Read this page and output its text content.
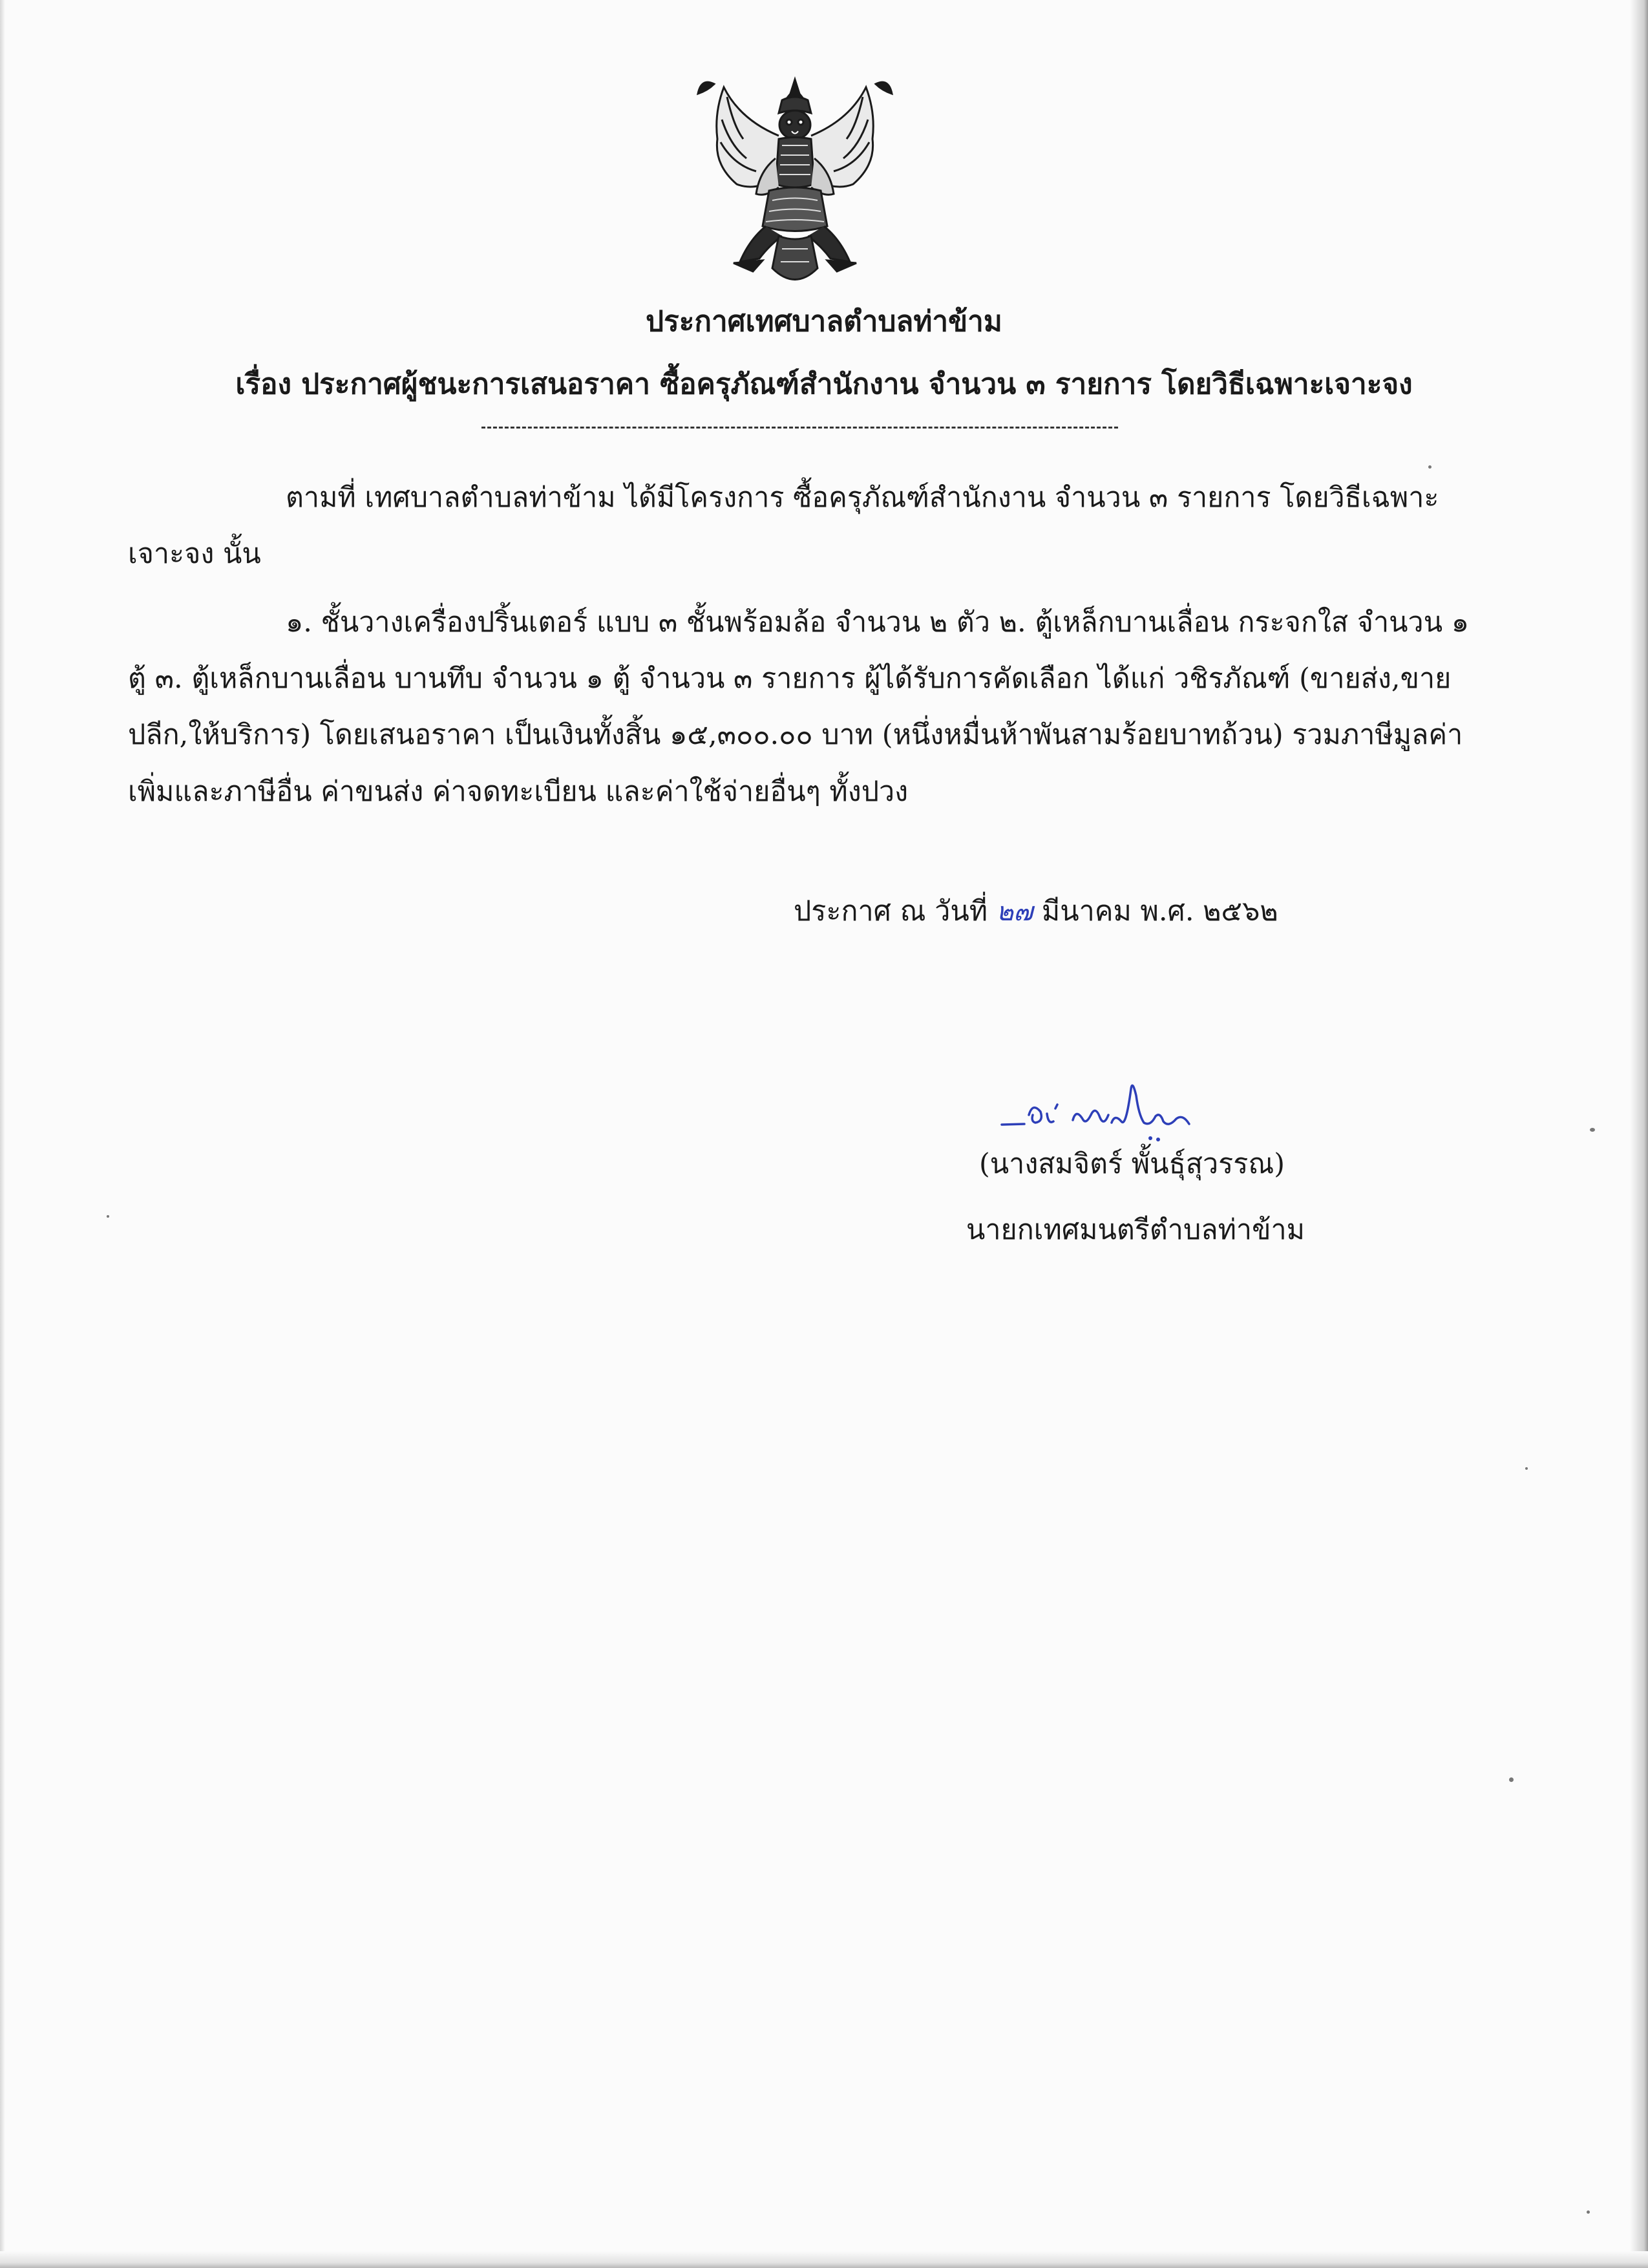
ประกาศเทศบาลตำบลท่าข้าม
เรื่อง ประกาศผู้ชนะการเสนอราคา ซื้อครุภัณฑ์สำนักงาน จำนวน ๓ รายการ โดยวิธีเฉพาะเจาะจง
ตามที่ เทศบาลตำบลท่าข้าม ได้มีโครงการ ซื้อครุภัณฑ์สำนักงาน จำนวน ๓ รายการ โดยวิธีเฉพาะ
เจาะจง นั้น
๑. ชั้นวางเครื่องปริ้นเตอร์ แบบ ๓ ชั้นพร้อมล้อ จำนวน ๒ ตัว ๒. ตู้เหล็กบานเลื่อน กระจกใส จำนวน ๑
ตู้ ๓. ตู้เหล็กบานเลื่อน บานทึบ จำนวน ๑ ตู้ จำนวน ๓ รายการ ผู้ได้รับการคัดเลือก ได้แก่ วชิรภัณฑ์ (ขายส่ง,ขาย
ปลีก,ให้บริการ) โดยเสนอราคา เป็นเงินทั้งสิ้น ๑๕,๓๐๐.๐๐ บาท (หนึ่งหมื่นห้าพันสามร้อยบาทถ้วน) รวมภาษีมูลค่า
เพิ่มและภาษีอื่น ค่าขนส่ง ค่าจดทะเบียน และค่าใช้จ่ายอื่นๆ ทั้งปวง
ประกาศ ณ วันที่ ๒๗ มีนาคม พ.ศ. ๒๕๖๒
(นางสมจิตร์ พั้นธุ์สุวรรณ)
นายกเทศมนตรีตำบลท่าข้าม
